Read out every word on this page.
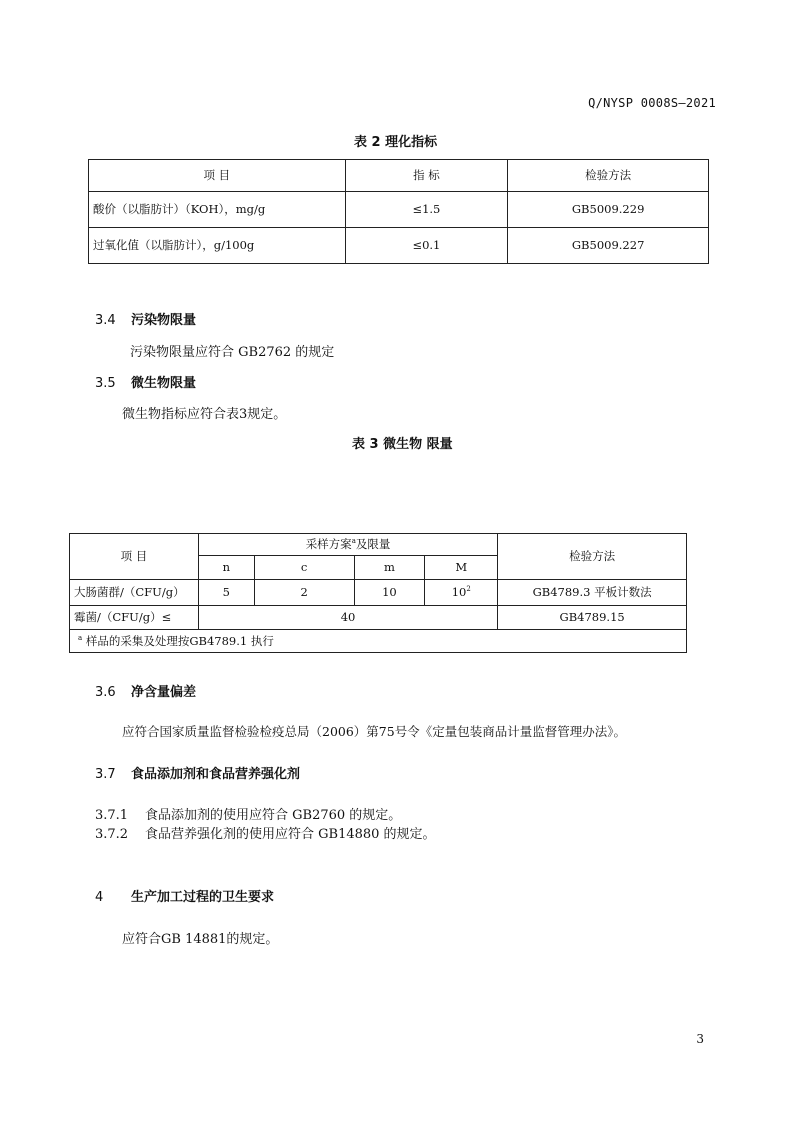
Q/NYSP 0008S—2021
表 2 理化指标
项 目	指 标	检验方法
酸价（以脂肪计）（KOH），mg/g	≤1.5	GB5009.229
过氧化值（以脂肪计），g/100g	≤0.1	GB5009.227
3.4 污染物限量
污染物限量应符合 GB2762 的规定
3.5 微生物限量
微生物指标应符合表3规定。
表 3 微生物 限量
项 目	采样方案$^a$及限量				检验方法
	n	c	m	M	
大肠菌群/（CFU/g）	5	2	10	$10^2$	GB4789.3 平板计数法
霉菌/（CFU/g）≤	40				GB4789.15
$^a$ 样品的采集及处理按GB4789.1 执行					
3.6 净含量偏差
应符合国家质量监督检验检疫总局（2006）第75号令《定量包装商品计量监督管理办法》。
3.7 食品添加剂和食品营养强化剂
3.7.1 食品添加剂的使用应符合 GB2760 的规定。
3.7.2 食品营养强化剂的使用应符合 GB14880 的规定。
4 生产加工过程的卫生要求
应符合GB 14881的规定。
3
